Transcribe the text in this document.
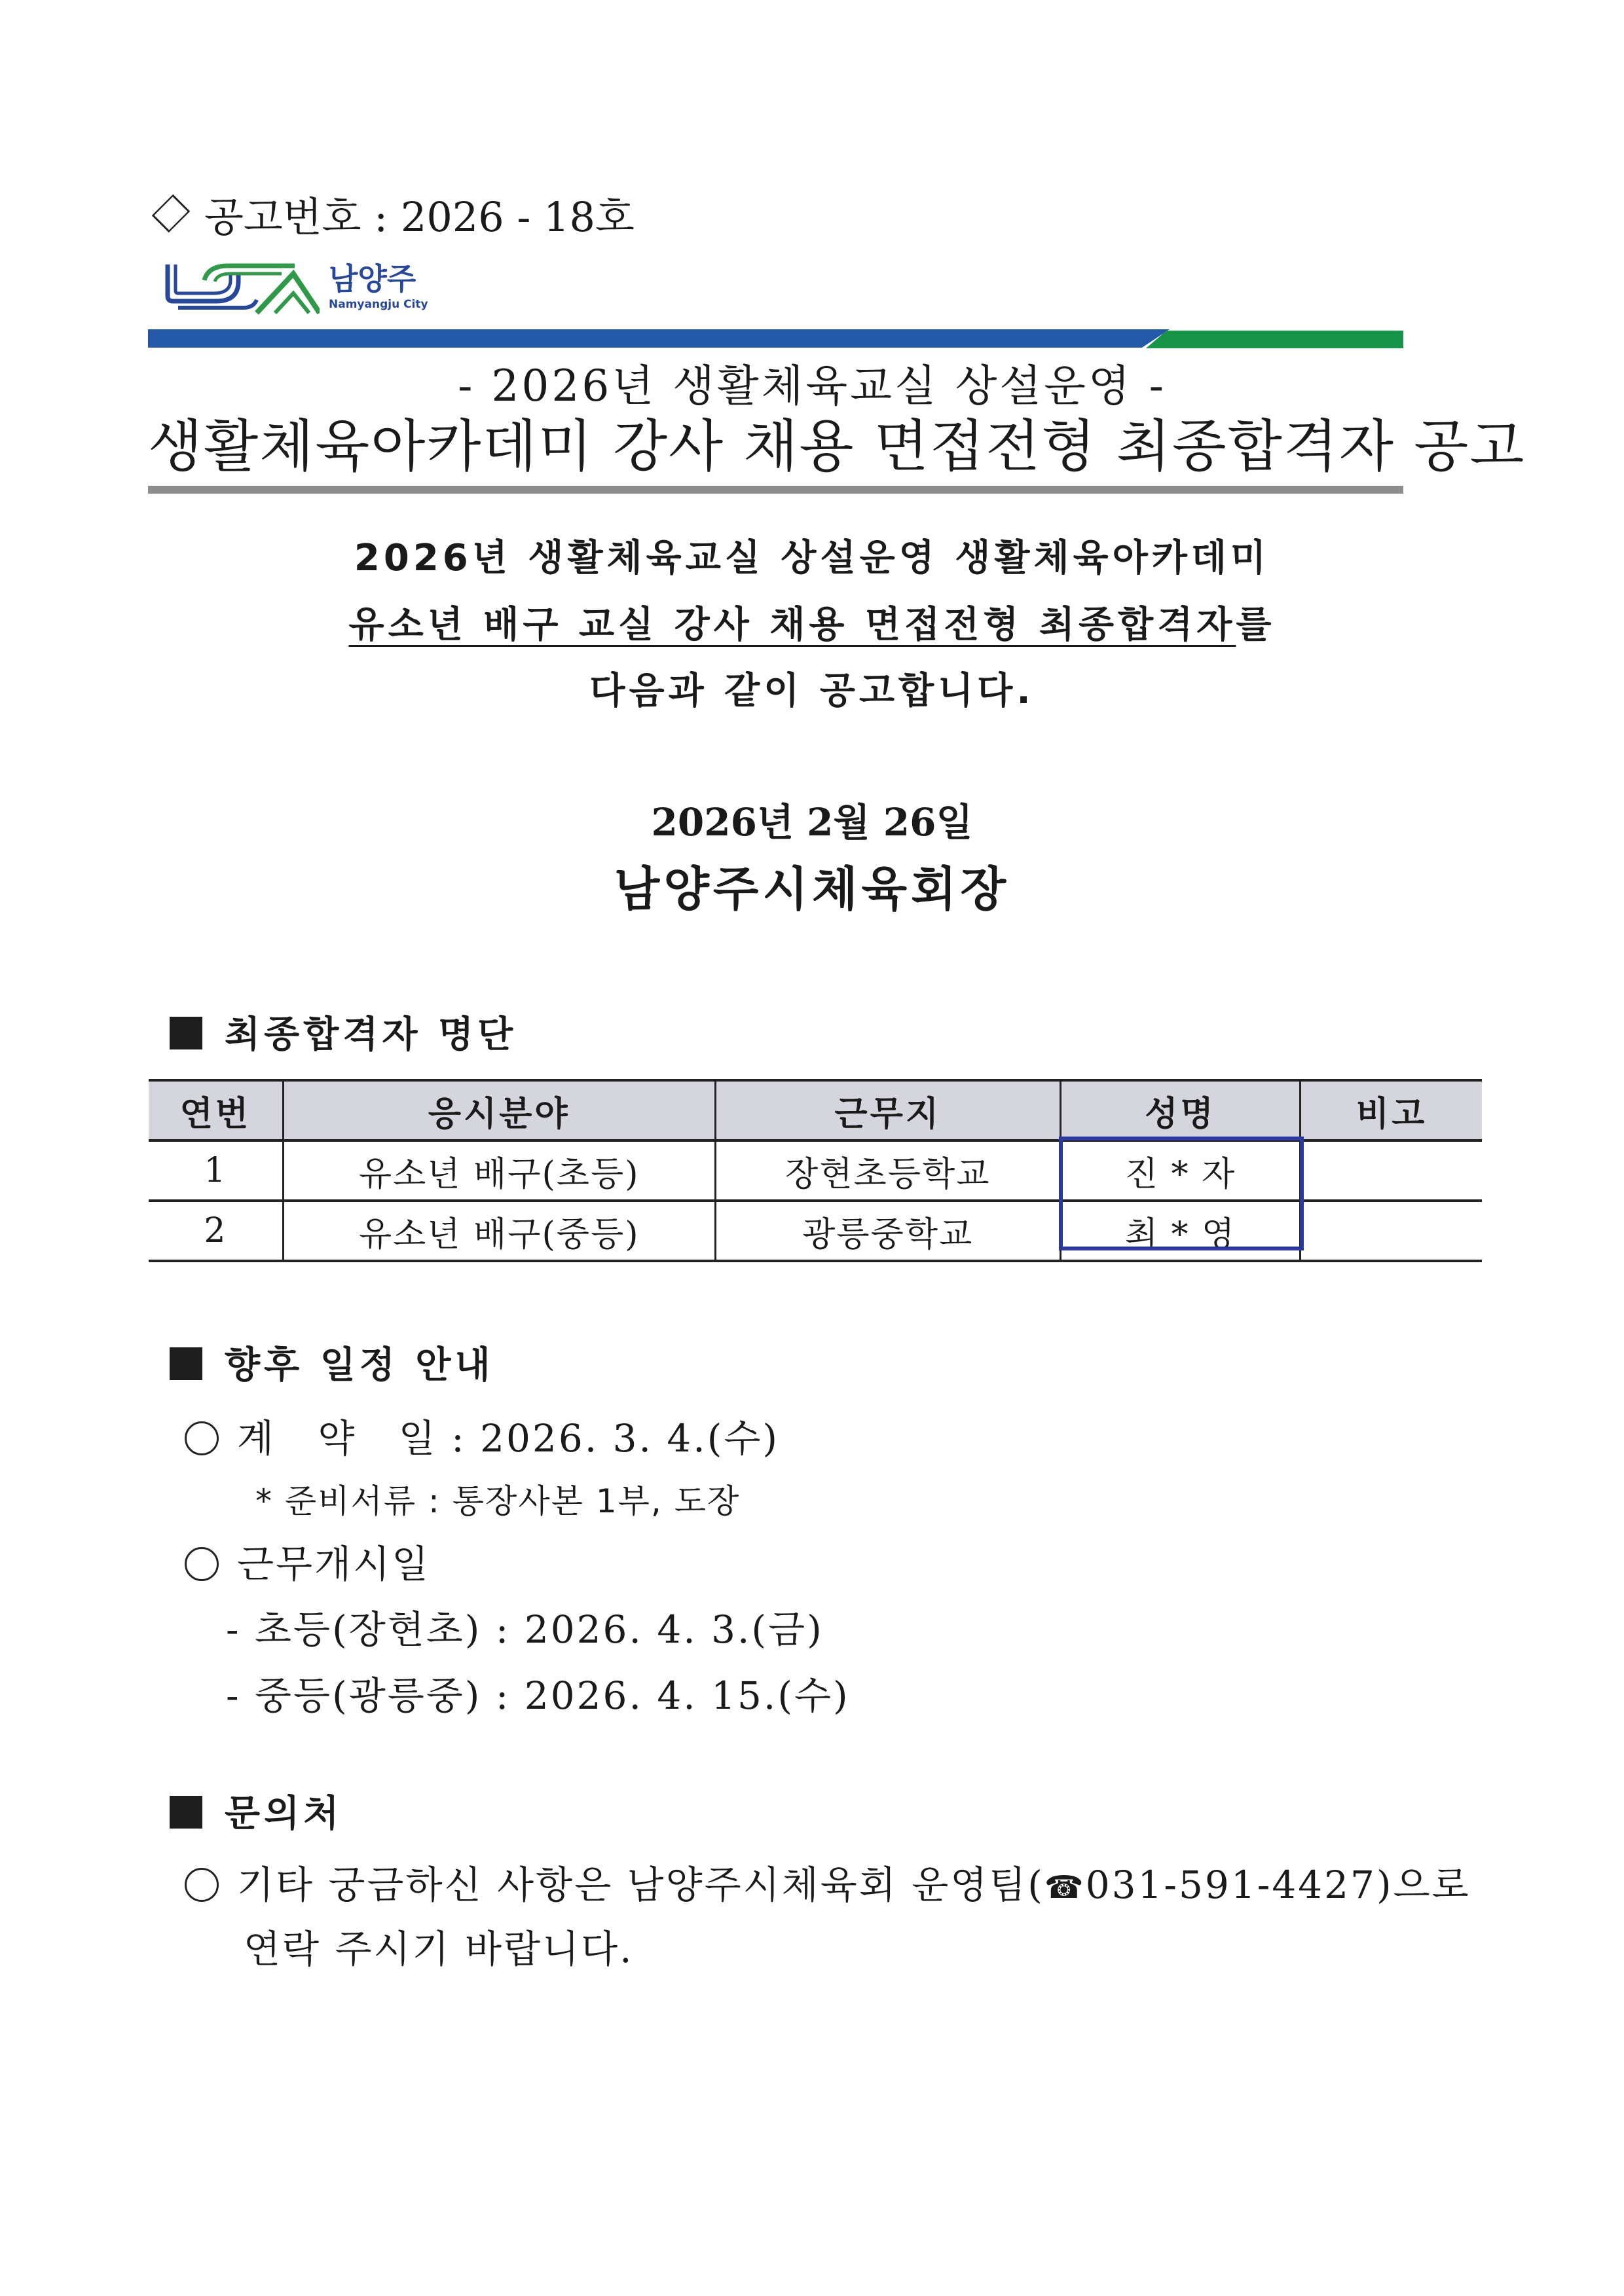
공고번호 : 2026 - 18호
남양주
Namyangju City
- 2026년 생활체육교실 상설운영 -
생활체육아카데미 강사 채용 면접전형 최종합격자 공고
2026년 생활체육교실 상설운영 생활체육아카데미
유소년 배구 교실 강사 채용 면접전형 최종합격자를
다음과 같이 공고합니다.
2026년 2월 26일
남양주시체육회장
최종합격자 명단
연번	응시분야	근무지	성명	비고
1	유소년 배구(초등)	장현초등학교	진 * 자	
2	유소년 배구(중등)	광릉중학교	최 * 영	
향후 일정 안내
계   약   일 : 2026. 3. 4.(수)
* 준비서류 : 통장사본 1부, 도장
근무개시일
- 초등(장현초) : 2026. 4. 3.(금)
- 중등(광릉중) : 2026. 4. 15.(수)
문의처
기타 궁금하신 사항은 남양주시체육회 운영팀(☎031-591-4427)으로
연락 주시기 바랍니다.
